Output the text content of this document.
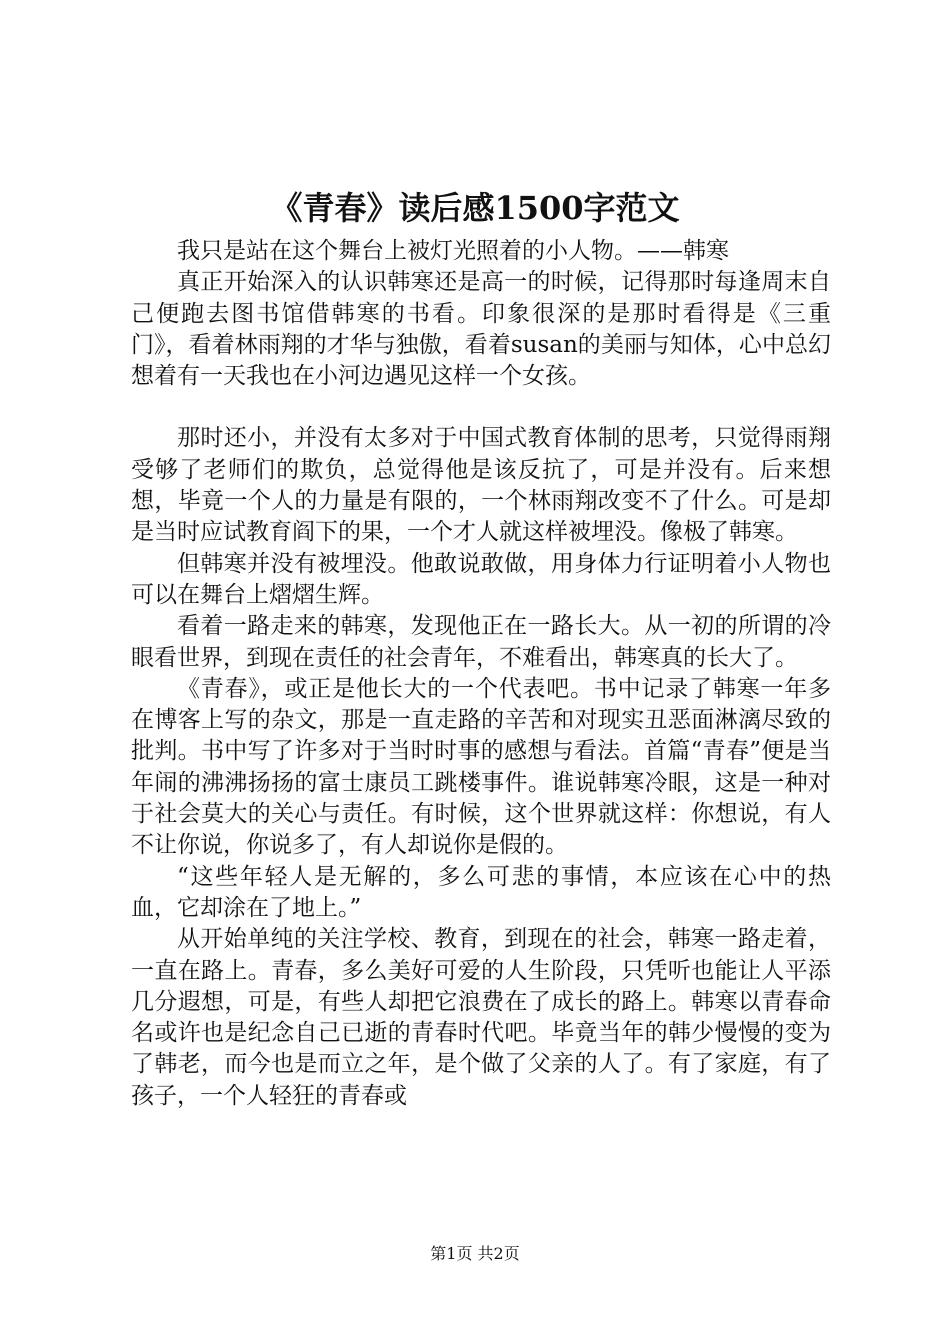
《青春》读后感1500字范文

我只是站在这个舞台上被灯光照着的小人物。——韩寒

真正开始深入的认识韩寒还是高一的时候，记得那时每逢周末自己便跑去图书馆借韩寒的书看。印象很深的是那时看得是《三重门》，看着林雨翔的才华与独傲，看着susan的美丽与知体，心中总幻想着有一天我也在小河边遇见这样一个女孩。

那时还小，并没有太多对于中国式教育体制的思考，只觉得雨翔受够了老师们的欺负，总觉得他是该反抗了，可是并没有。后来想想，毕竟一个人的力量是有限的，一个林雨翔改变不了什么。可是却是当时应试教育阎下的果，一个才人就这样被埋没。像极了韩寒。

但韩寒并没有被埋没。他敢说敢做，用身体力行证明着小人物也可以在舞台上熠熠生辉。

看着一路走来的韩寒，发现他正在一路长大。从一初的所谓的冷眼看世界，到现在责任的社会青年，不难看出，韩寒真的长大了。

《青春》，或正是他长大的一个代表吧。书中记录了韩寒一年多在博客上写的杂文，那是一直走路的辛苦和对现实丑恶面淋漓尽致的批判。书中写了许多对于当时时事的感想与看法。首篇“青春”便是当年闹的沸沸扬扬的富士康员工跳楼事件。谁说韩寒冷眼，这是一种对于社会莫大的关心与责任。有时候，这个世界就这样：你想说，有人不让你说，你说多了，有人却说你是假的。

“这些年轻人是无解的，多么可悲的事情，本应该在心中的热血，它却涂在了地上。”

从开始单纯的关注学校、教育，到现在的社会，韩寒一路走着，一直在路上。青春，多么美好可爱的人生阶段，只凭听也能让人平添几分遐想，可是，有些人却把它浪费在了成长的路上。韩寒以青春命名或许也是纪念自己已逝的青春时代吧。毕竟当年的韩少慢慢的变为了韩老，而今也是而立之年，是个做了父亲的人了。有了家庭，有了孩子，一个人轻狂的青春或

第1页 共2页
